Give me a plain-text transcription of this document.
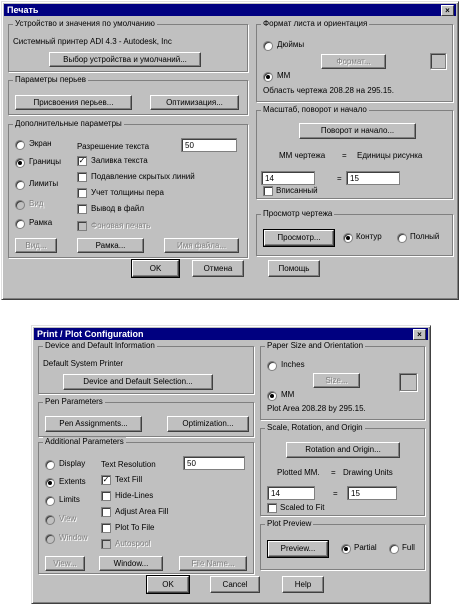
Печать	×
Устройство и значения по умолчанию
Системный принтер ADI 4.3 - Autodesk, Inc
Выбор устройства и умолчаний...
Параметры перьев
Присвоения перьев...	Оптимизация...
Дополнительные параметры
Экран
Границы
Лимиты
Вид
Рамка
Разрешение текста	50
✓ Заливка текста
Подавление скрытых линий
Учет толщины пера
Вывод в файл
Фоновая печать
Вид...	Рамка...	Имя файла...
Формат листа и ориентация
Дюймы
Формат...
ММ
Область чертежа 208.28 на 295.15.
Масштаб, поворот и начало
Поворот и начало...
ММ чертежа = Единицы рисунка
14	=	15
Вписанный
Просмотр чертежа
Просмотр...	Контур	Полный
OK	Отмена	Помощь
Print / Plot Configuration	×
Device and Default Information
Default System Printer
Device and Default Selection...
Pen Parameters
Pen Assignments...	Optimization...
Additional Parameters
Display
Extents
Limits
View
Window
Text Resolution	50
✓ Text Fill
Hide-Lines
Adjust Area Fill
Plot To File
Autospool
View...	Window...	File Name...
Paper Size and Orientation
Inches
Size...
MM
Plot Area 208.28 by 295.15.
Scale, Rotation, and Origin
Rotation and Origin...
Plotted MM. = Drawing Units
14	=	15
Scaled to Fit
Plot Preview
Preview...	Partial	Full
OK	Cancel	Help
